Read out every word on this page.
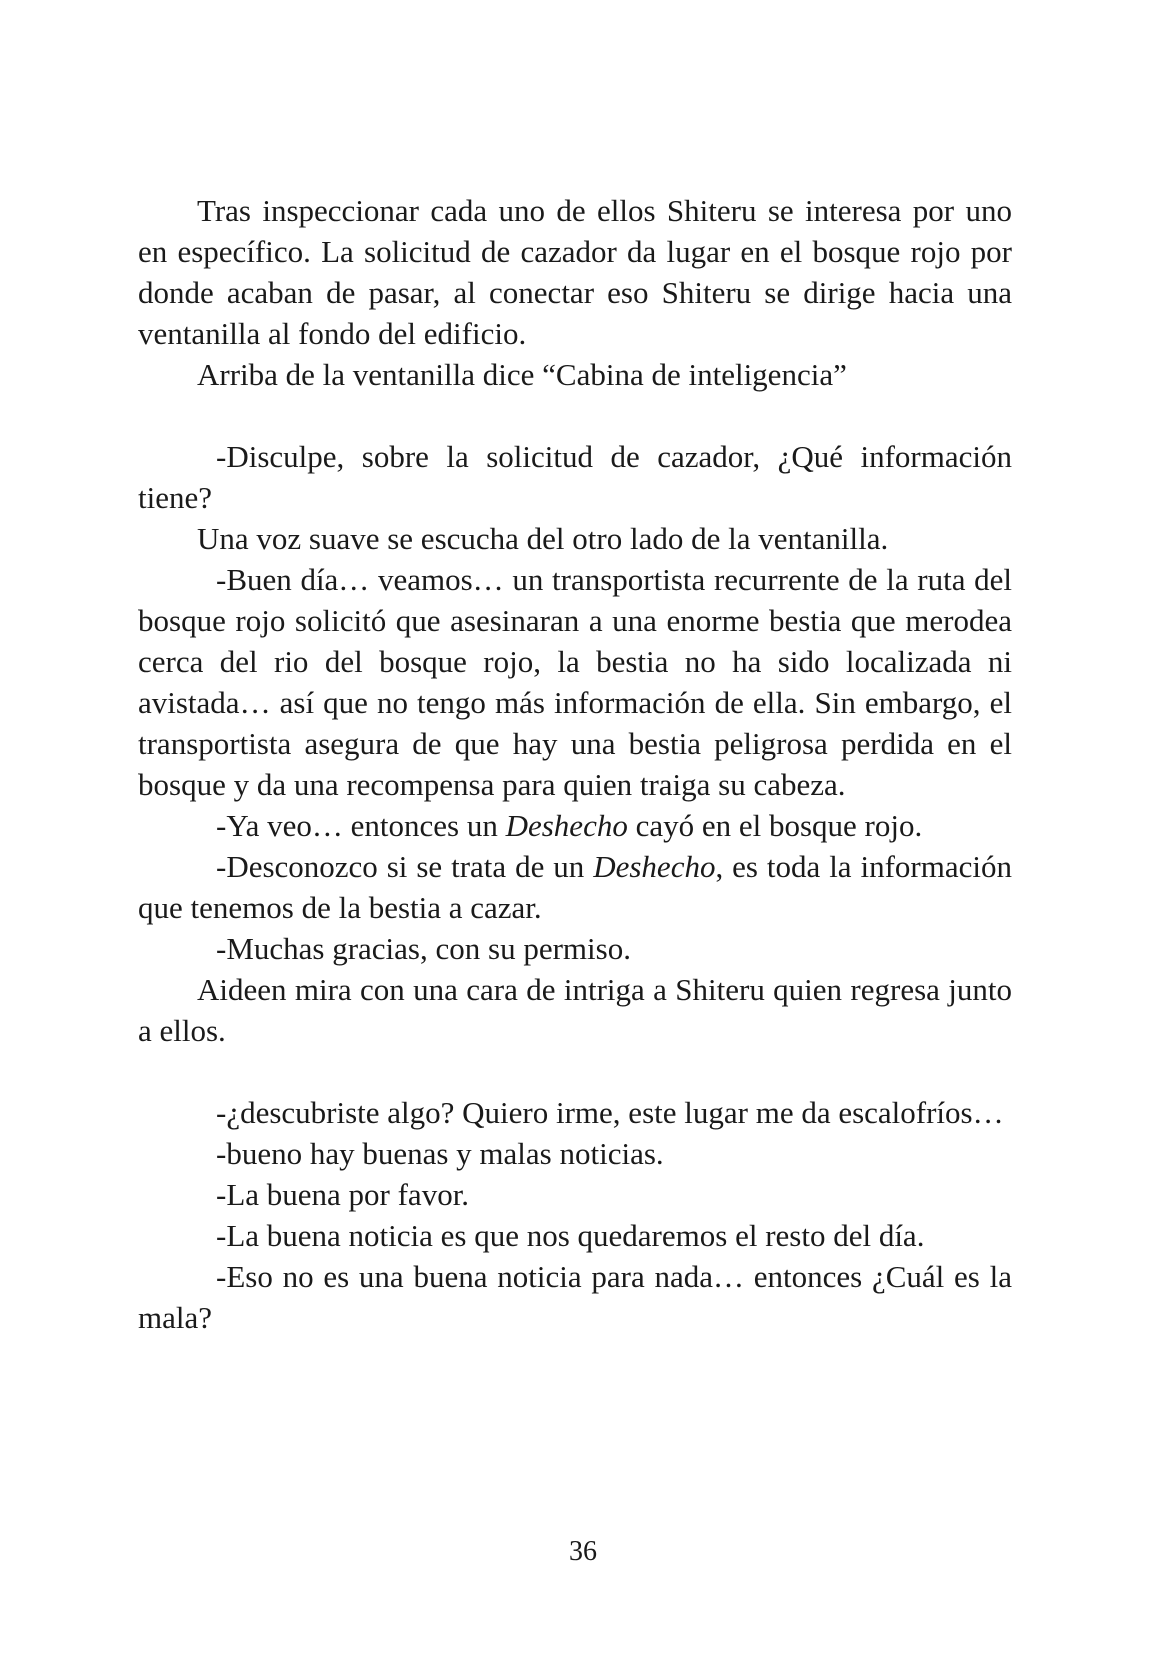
Tras inspeccionar cada uno de ellos Shiteru se interesa por uno en específico. La solicitud de cazador da lugar en el bosque rojo por donde acaban de pasar, al conectar eso Shiteru se dirige hacia una ventanilla al fondo del edificio.

Arriba de la ventanilla dice “Cabina de inteligencia”

-Disculpe, sobre la solicitud de cazador, ¿Qué información tiene?

Una voz suave se escucha del otro lado de la ventanilla.

-Buen día… veamos… un transportista recurrente de la ruta del bosque rojo solicitó que asesinaran a una enorme bestia que merodea cerca del rio del bosque rojo, la bestia no ha sido localizada ni avistada… así que no tengo más información de ella. Sin embargo, el transportista asegura de que hay una bestia peligrosa perdida en el bosque y da una recompensa para quien traiga su cabeza.

-Ya veo… entonces un Deshecho cayó en el bosque rojo.

-Desconozco si se trata de un Deshecho, es toda la información que tenemos de la bestia a cazar.

-Muchas gracias, con su permiso.

Aideen mira con una cara de intriga a Shiteru quien regresa junto a ellos.

-¿descubriste algo? Quiero irme, este lugar me da escalofríos…

-bueno hay buenas y malas noticias.

-La buena por favor.

-La buena noticia es que nos quedaremos el resto del día.

-Eso no es una buena noticia para nada… entonces ¿Cuál es la mala?

36
